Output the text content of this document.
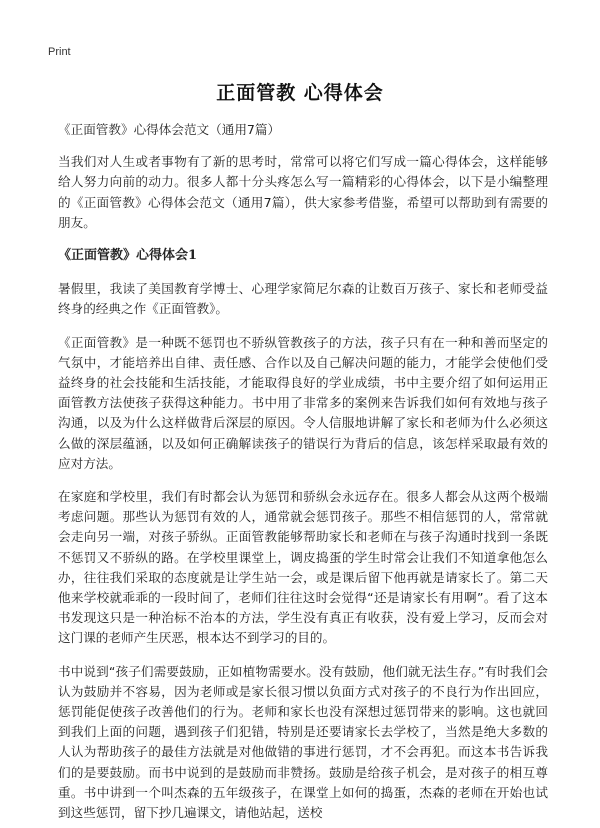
Print
正面管教 心得体会

《正面管教》心得体会范文（通用7篇）

当我们对人生或者事物有了新的思考时，常常可以将它们写成一篇心得体会，这样能够给人努力向前的动力。很多人都十分头疼怎么写一篇精彩的心得体会，以下是小编整理的《正面管教》心得体会范文（通用7篇），供大家参考借鉴，希望可以帮助到有需要的朋友。

《正面管教》心得体会1

暑假里，我读了美国教育学博士、心理学家简尼尔森的让数百万孩子、家长和老师受益终身的经典之作《正面管教》。

《正面管教》是一种既不惩罚也不骄纵管教孩子的方法，孩子只有在一种和善而坚定的气氛中，才能培养出自律、责任感、合作以及自己解决问题的能力，才能学会使他们受益终身的社会技能和生活技能，才能取得良好的学业成绩，书中主要介绍了如何运用正面管教方法使孩子获得这种能力。书中用了非常多的案例来告诉我们如何有效地与孩子沟通，以及为什么这样做背后深层的原因。令人信服地讲解了家长和老师为什么必须这么做的深层蕴涵，以及如何正确解读孩子的错误行为背后的信息，该怎样采取最有效的应对方法。

在家庭和学校里，我们有时都会认为惩罚和骄纵会永远存在。很多人都会从这两个极端考虑问题。那些认为惩罚有效的人，通常就会惩罚孩子。那些不相信惩罚的人，常常就会走向另一端，对孩子骄纵。正面管教能够帮助家长和老师在与孩子沟通时找到一条既不惩罚又不骄纵的路。在学校里课堂上，调皮捣蛋的学生时常会让我们不知道拿他怎么办，往往我们采取的态度就是让学生站一会，或是课后留下他再就是请家长了。第二天他来学校就乖乖的一段时间了，老师们往往这时会觉得“还是请家长有用啊”。看了这本书发现这只是一种治标不治本的方法，学生没有真正有收获，没有爱上学习，反而会对这门课的老师产生厌恶，根本达不到学习的目的。

书中说到“孩子们需要鼓励，正如植物需要水。没有鼓励，他们就无法生存。”有时我们会认为鼓励并不容易，因为老师或是家长很习惯以负面方式对孩子的不良行为作出回应，惩罚能促使孩子改善他们的行为。老师和家长也没有深想过惩罚带来的影响。这也就回到我们上面的问题，遇到孩子们犯错，特别是还要请家长去学校了，当然是绝大多数的人认为帮助孩子的最佳方法就是对他做错的事进行惩罚，才不会再犯。而这本书告诉我们的是要鼓励。而书中说到的是鼓励而非赞扬。鼓励是给孩子机会，是对孩子的相互尊重。书中讲到一个叫杰森的五年级孩子，在课堂上如何的捣蛋，杰森的老师在开始也试到这些惩罚，留下抄几遍课文，请他站起，送校
